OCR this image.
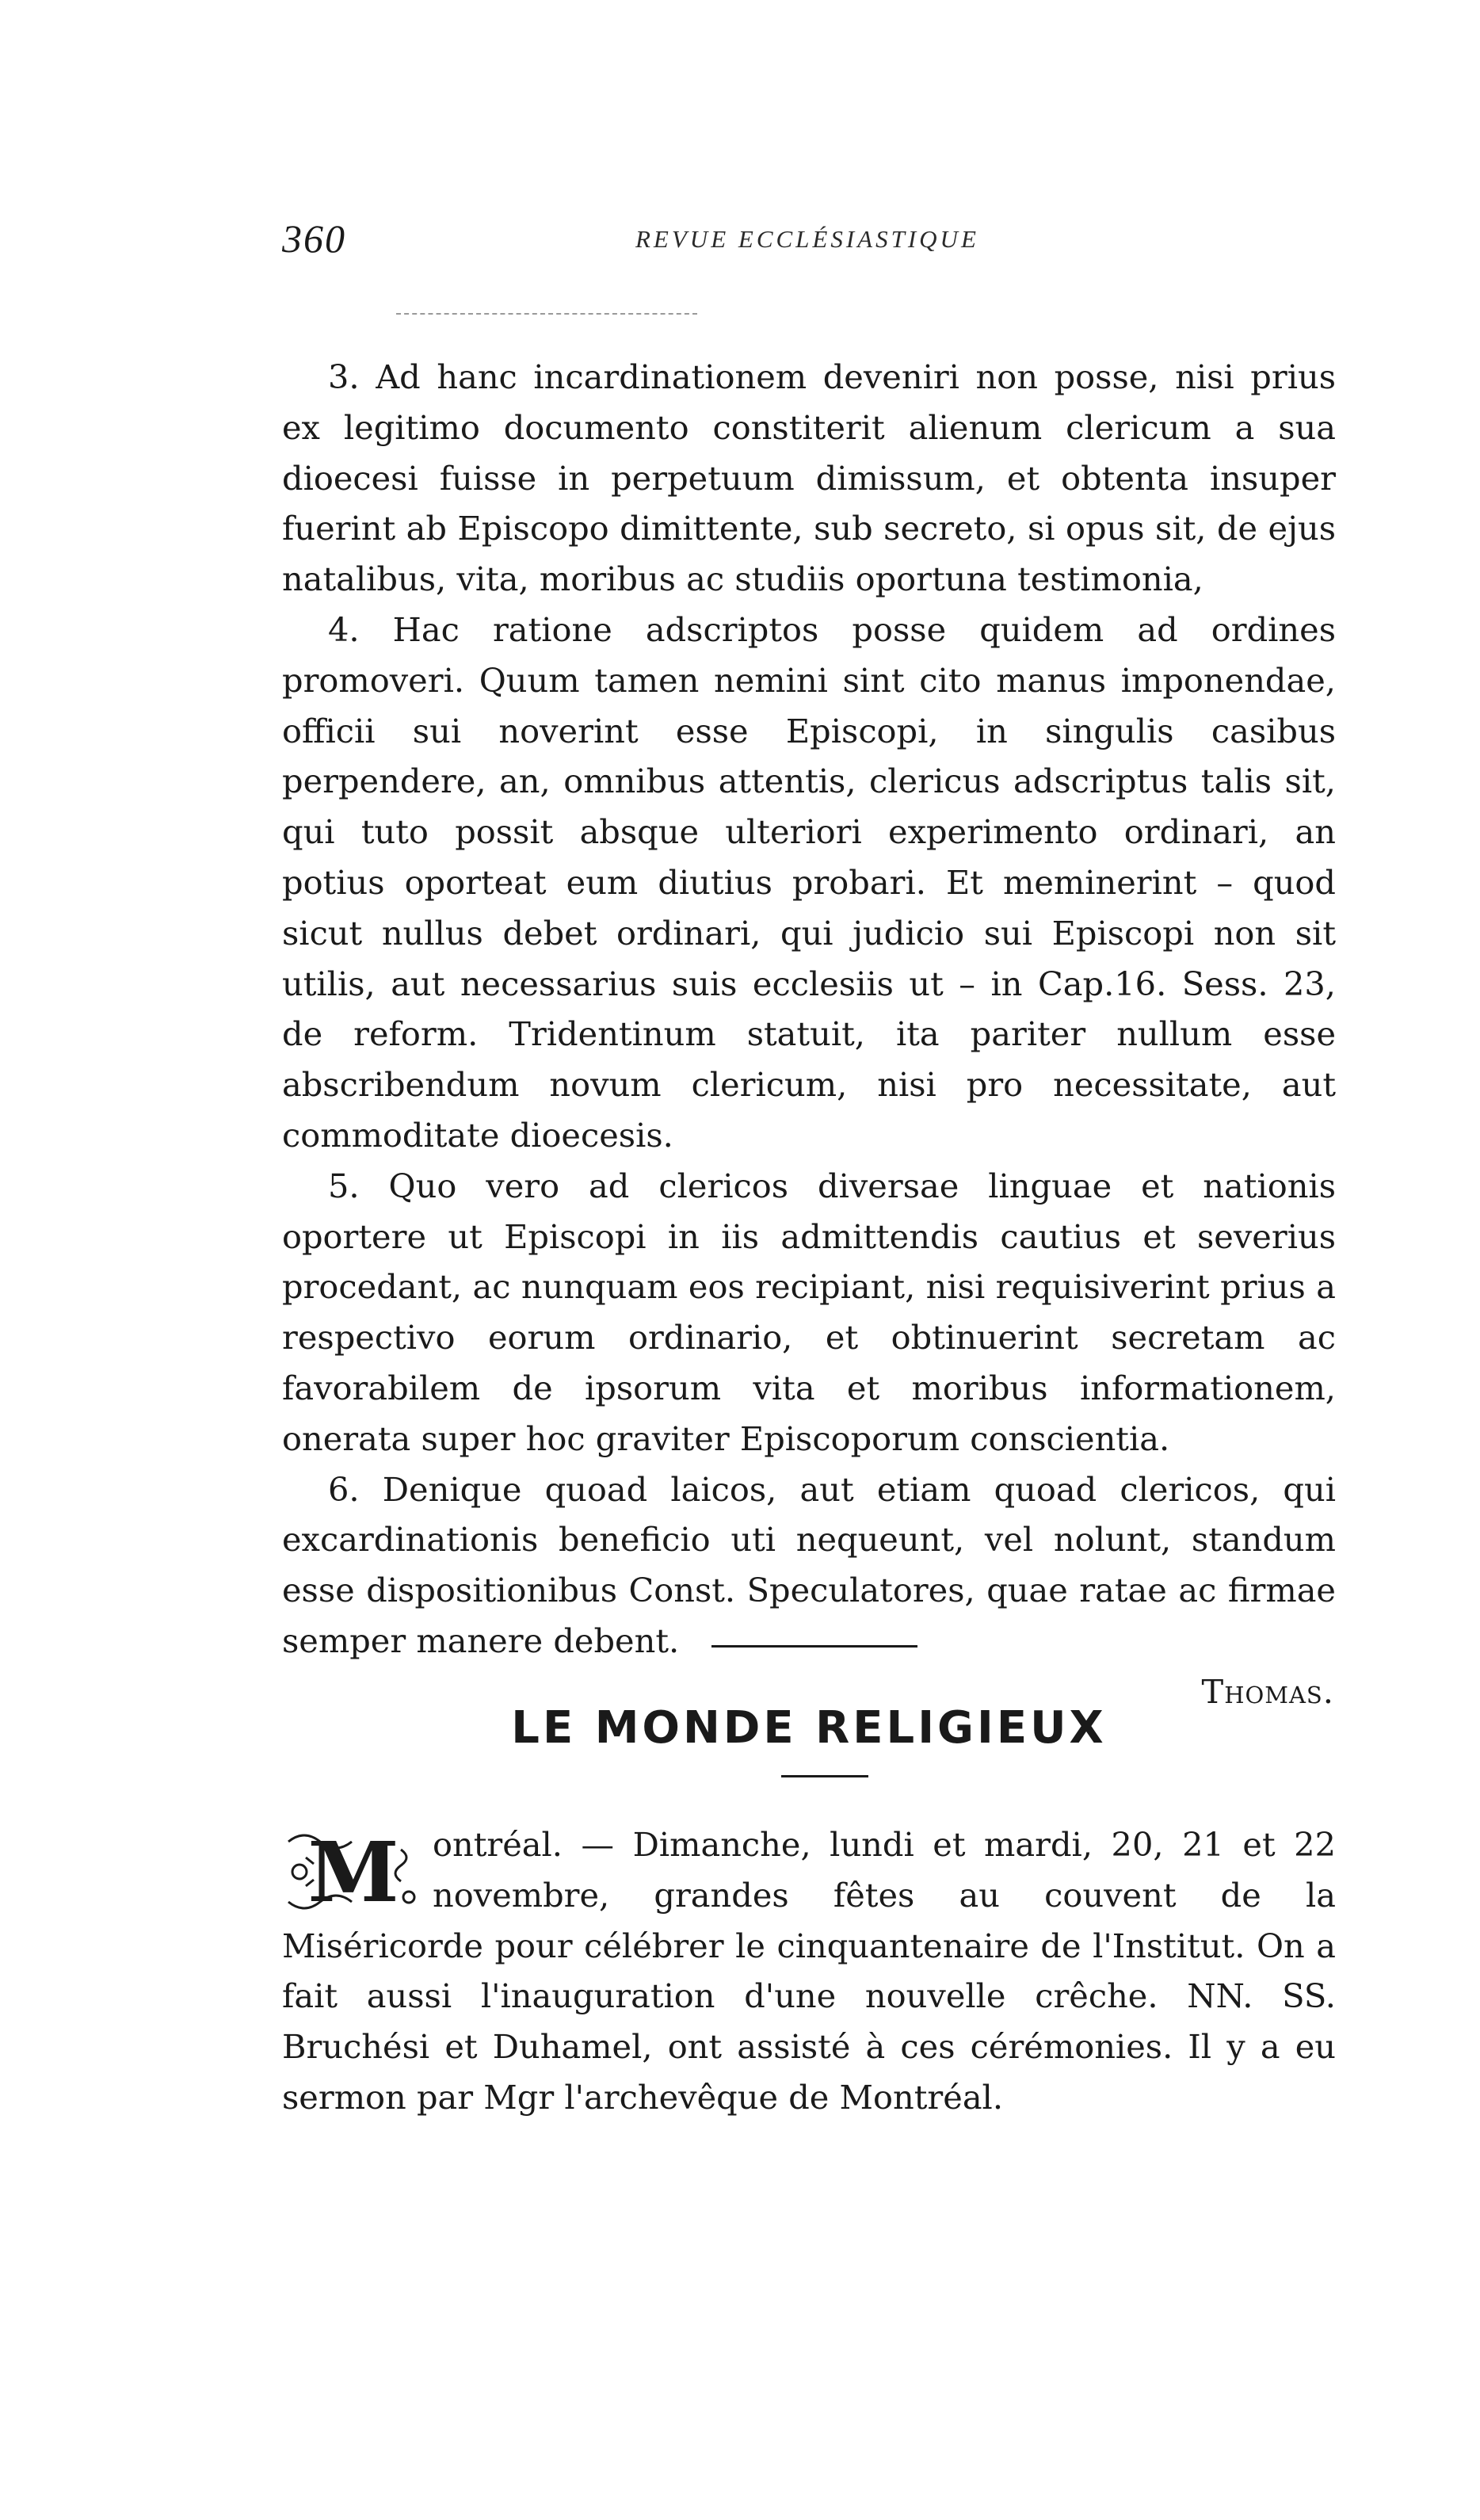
360	REVUE ECCLÉSIASTIQUE

3. Ad hanc incardinationem deveniri non posse, nisi prius ex legitimo documento constiterit alienum clericum a sua dioecesi fuisse in perpetuum dimissum, et obtenta insuper fuerint ab Episcopo dimittente, sub secreto, si opus sit, de ejus natalibus, vita, moribus ac studiis oportuna testimonia,

4. Hac ratione adscriptos posse quidem ad ordines promoveri. Quum tamen nemini sint cito manus imponendae, officii sui noverint esse Episcopi, in singulis casibus perpendere, an, omnibus attentis, clericus adscriptus talis sit, qui tuto possit absque ulteriori experimento ordinari, an potius oporteat eum diutius probari. Et meminerint – quod sicut nullus debet ordinari, qui judicio sui Episcopi non sit utilis, aut necessarius suis ecclesiis ut – in Cap.16. Sess. 23, de reform. Tridentinum statuit, ita pariter nullum esse abscribendum novum clericum, nisi pro necessitate, aut commoditate dioecesis.

5. Quo vero ad clericos diversae linguae et nationis oportere ut Episcopi in iis admittendis cautius et severius procedant, ac nunquam eos recipiant, nisi requisiverint prius a respectivo eorum ordinario, et obtinuerint secretam ac favorabilem de ipsorum vita et moribus informationem, onerata super hoc graviter Episcoporum conscientia.

6. Denique quoad laicos, aut etiam quoad clericos, qui excardinationis beneficio uti nequeunt, vel nolunt, standum esse dispositionibus Const. Speculatores, quae ratae ac firmae semper manere debent.

Thomas.
LE MONDE RELIGIEUX
M ontréal. — Dimanche, lundi et mardi, 20, 21 et 22 novembre, grandes fêtes au couvent de la Miséricorde pour célébrer le cinquantenaire de l'Institut. On a fait aussi l'inauguration d'une nouvelle crêche. NN. SS. Bruchési et Duhamel, ont assisté à ces cérémonies. Il y a eu sermon par Mgr l'archevêque de Montréal.
